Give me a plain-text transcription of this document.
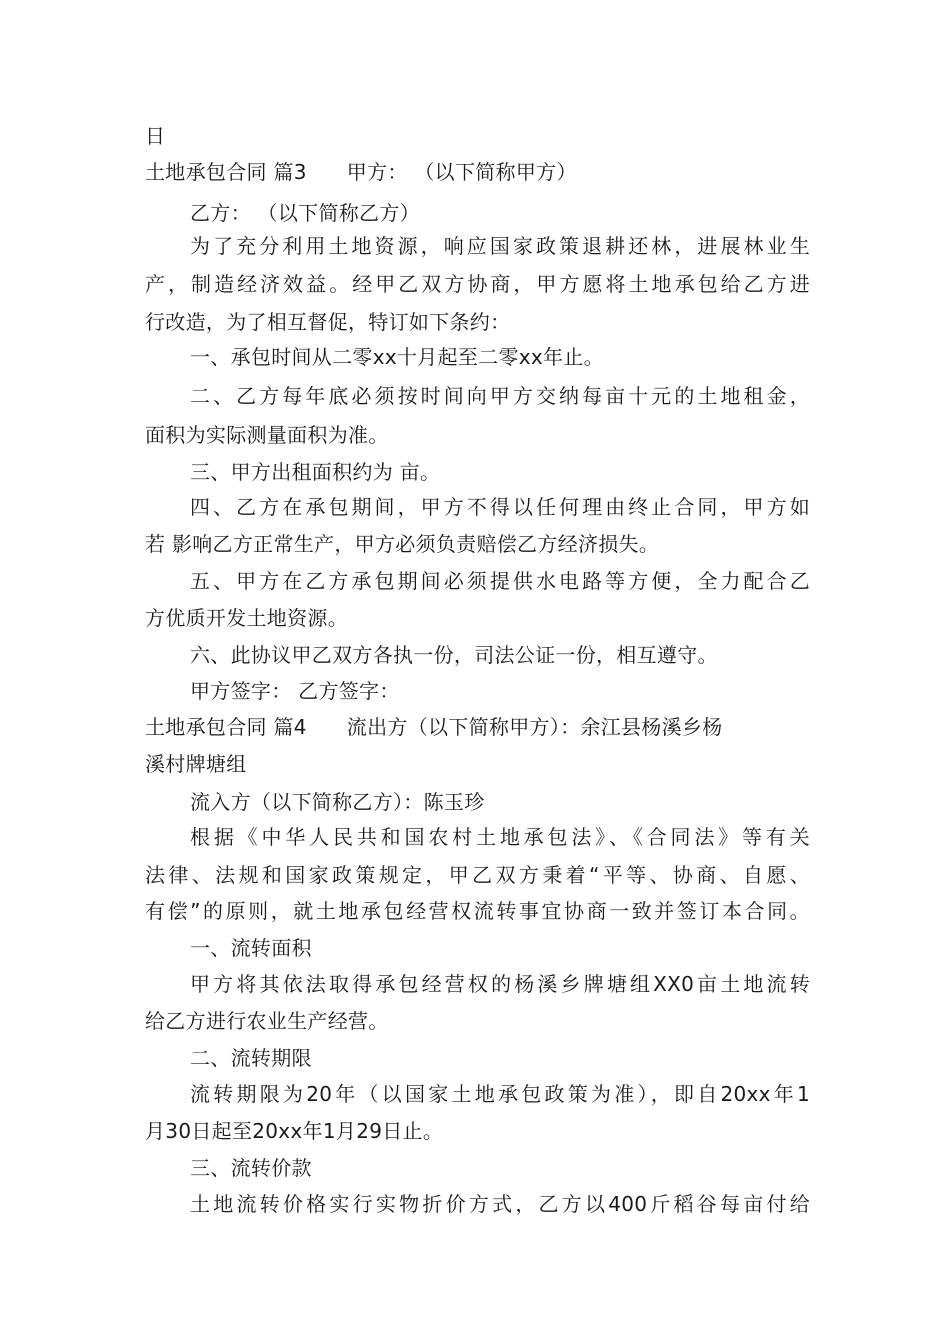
日
土地承包合同 篇3 甲方： （以下简称甲方）
乙方： （以下简称乙方）
为了充分利用土地资源，响应国家政策退耕还林，进展林业生
产，制造经济效益。经甲乙双方协商，甲方愿将土地承包给乙方进
行改造，为了相互督促，特订如下条约：
一、承包时间从二零xx十月起至二零xx年止。
二、乙方每年底必须按时间向甲方交纳每亩十元的土地租金，
面积为实际测量面积为准。
三、甲方出租面积约为 亩。
四、乙方在承包期间，甲方不得以任何理由终止合同，甲方如
若 影响乙方正常生产，甲方必须负责赔偿乙方经济损失。
五、甲方在乙方承包期间必须提供水电路等方便，全力配合乙
方优质开发土地资源。
六、此协议甲乙双方各执一份，司法公证一份，相互遵守。
甲方签字： 乙方签字：
土地承包合同 篇4 流出方（以下简称甲方）：余江县杨溪乡杨
溪村牌塘组
流入方（以下简称乙方）：陈玉珍
根据《中华人民共和国农村土地承包法》、《合同法》等有关
法律、法规和国家政策规定，甲乙双方秉着“平等、协商、自愿、
有偿”的原则，就土地承包经营权流转事宜协商一致并签订本合同。
一、流转面积
甲方将其依法取得承包经营权的杨溪乡牌塘组XX0亩土地流转
给乙方进行农业生产经营。
二、流转期限
流转期限为20年（以国家土地承包政策为准），即自20xx年1
月30日起至20xx年1月29日止。
三、流转价款
土地流转价格实行实物折价方式，乙方以400斤稻谷每亩付给
